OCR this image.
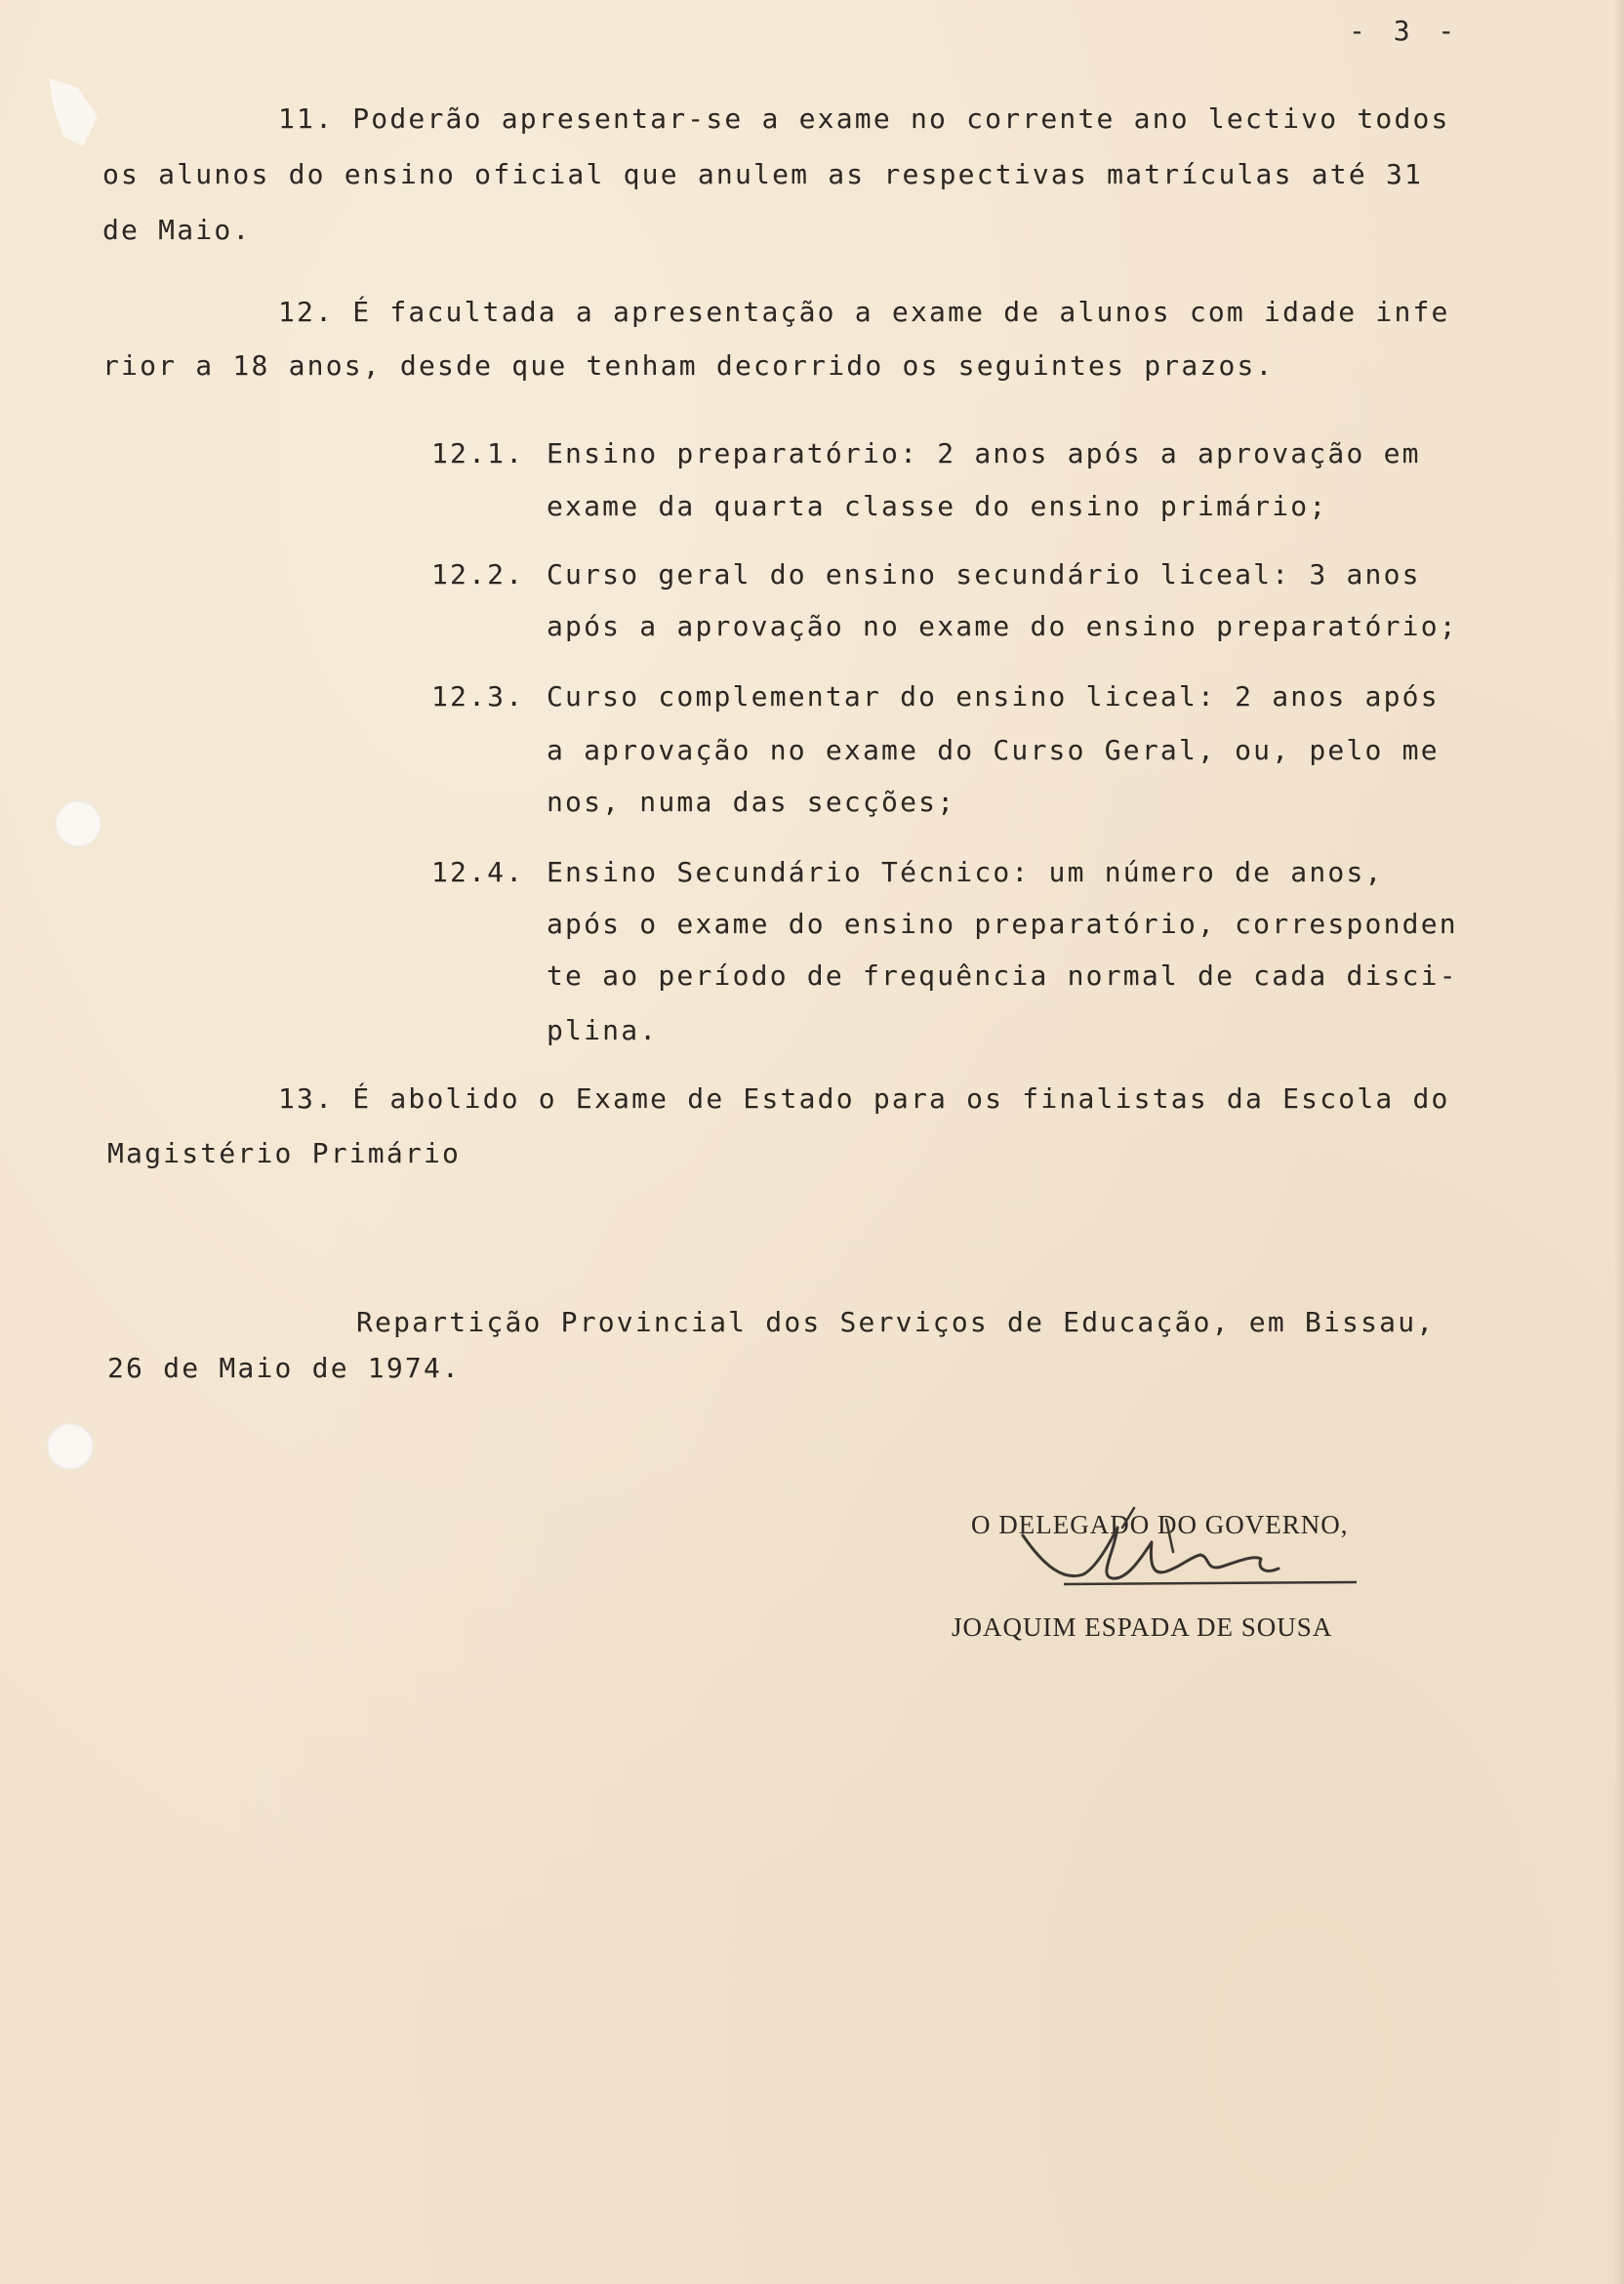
- 3 -

11. Poderão apresentar-se a exame no corrente ano lectivo todos

os alunos do ensino oficial que anulem as respectivas matrículas até 31

de Maio.

12. É facultada a apresentação a exame de alunos com idade infe

rior a 18 anos, desde que tenham decorrido os seguintes prazos.

12.1. Ensino preparatório: 2 anos após a aprovação em

exame da quarta classe do ensino primário;

12.2. Curso geral do ensino secundário liceal: 3 anos

após a aprovação no exame do ensino preparatório;

12.3. Curso complementar do ensino liceal: 2 anos após

a aprovação no exame do Curso Geral, ou, pelo me

nos, numa das secções;

12.4. Ensino Secundário Técnico: um número de anos,

após o exame do ensino preparatório, corresponden

te ao período de frequência normal de cada disci-

plina.

13. É abolido o Exame de Estado para os finalistas da Escola do

Magistério Primário

Repartição Provincial dos Serviços de Educação, em Bissau,

26 de Maio de 1974.

O DELEGADO DO GOVERNO,

JOAQUIM ESPADA DE SOUSA
